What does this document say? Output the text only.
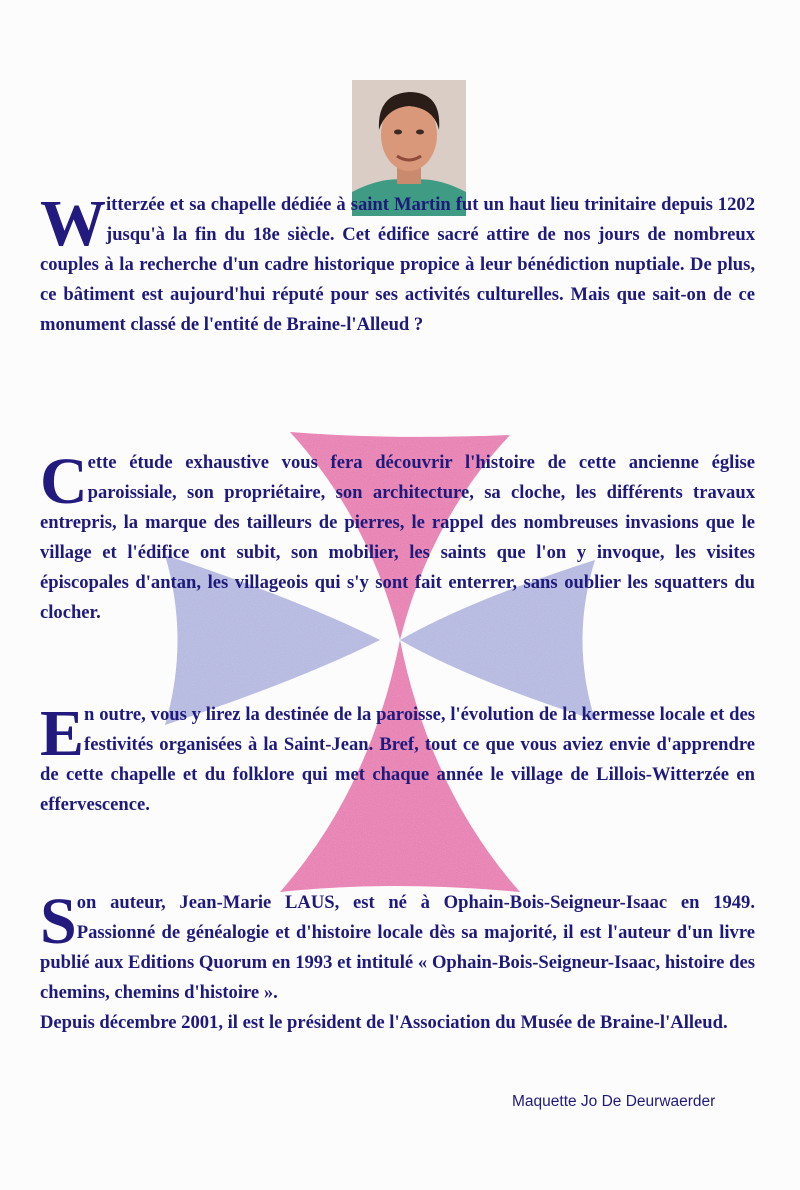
W itterzée et sa chapelle dédiée à saint Martin fut un haut lieu trinitaire depuis 1202 jusqu'à la fin du 18e siècle. Cet édifice sacré attire de nos jours de nombreux couples à la recherche d'un cadre historique propice à leur bénédiction nuptiale. De plus, ce bâtiment est aujourd'hui réputé pour ses activités culturelles. Mais que sait-on de ce monument classé de l'entité de Braine-l'Alleud ?

C ette étude exhaustive vous fera découvrir l'histoire de cette ancienne église paroissiale, son propriétaire, son architecture, sa cloche, les différents travaux entrepris, la marque des tailleurs de pierres, le rappel des nombreuses invasions que le village et l'édifice ont subit, son mobilier, les saints que l'on y invoque, les visites épiscopales d'antan, les villageois qui s'y sont fait enterrer, sans oublier les squatters du clocher.

E n outre, vous y lirez la destinée de la paroisse, l'évolution de la kermesse locale et des festivités organisées à la Saint-Jean. Bref, tout ce que vous aviez envie d'apprendre de cette chapelle et du folklore qui met chaque année le village de Lillois-Witterzée en effervescence.

S on auteur, Jean-Marie LAUS, est né à Ophain-Bois-Seigneur-Isaac en 1949. Passionné de généalogie et d'histoire locale dès sa majorité, il est l'auteur d'un livre publié aux Editions Quorum en 1993 et intitulé « Ophain-Bois-Seigneur-Isaac, histoire des chemins, chemins d'histoire ».

Depuis décembre 2001, il est le président de l'Association du Musée de Braine-l'Alleud.

Maquette Jo De Deurwaerder
